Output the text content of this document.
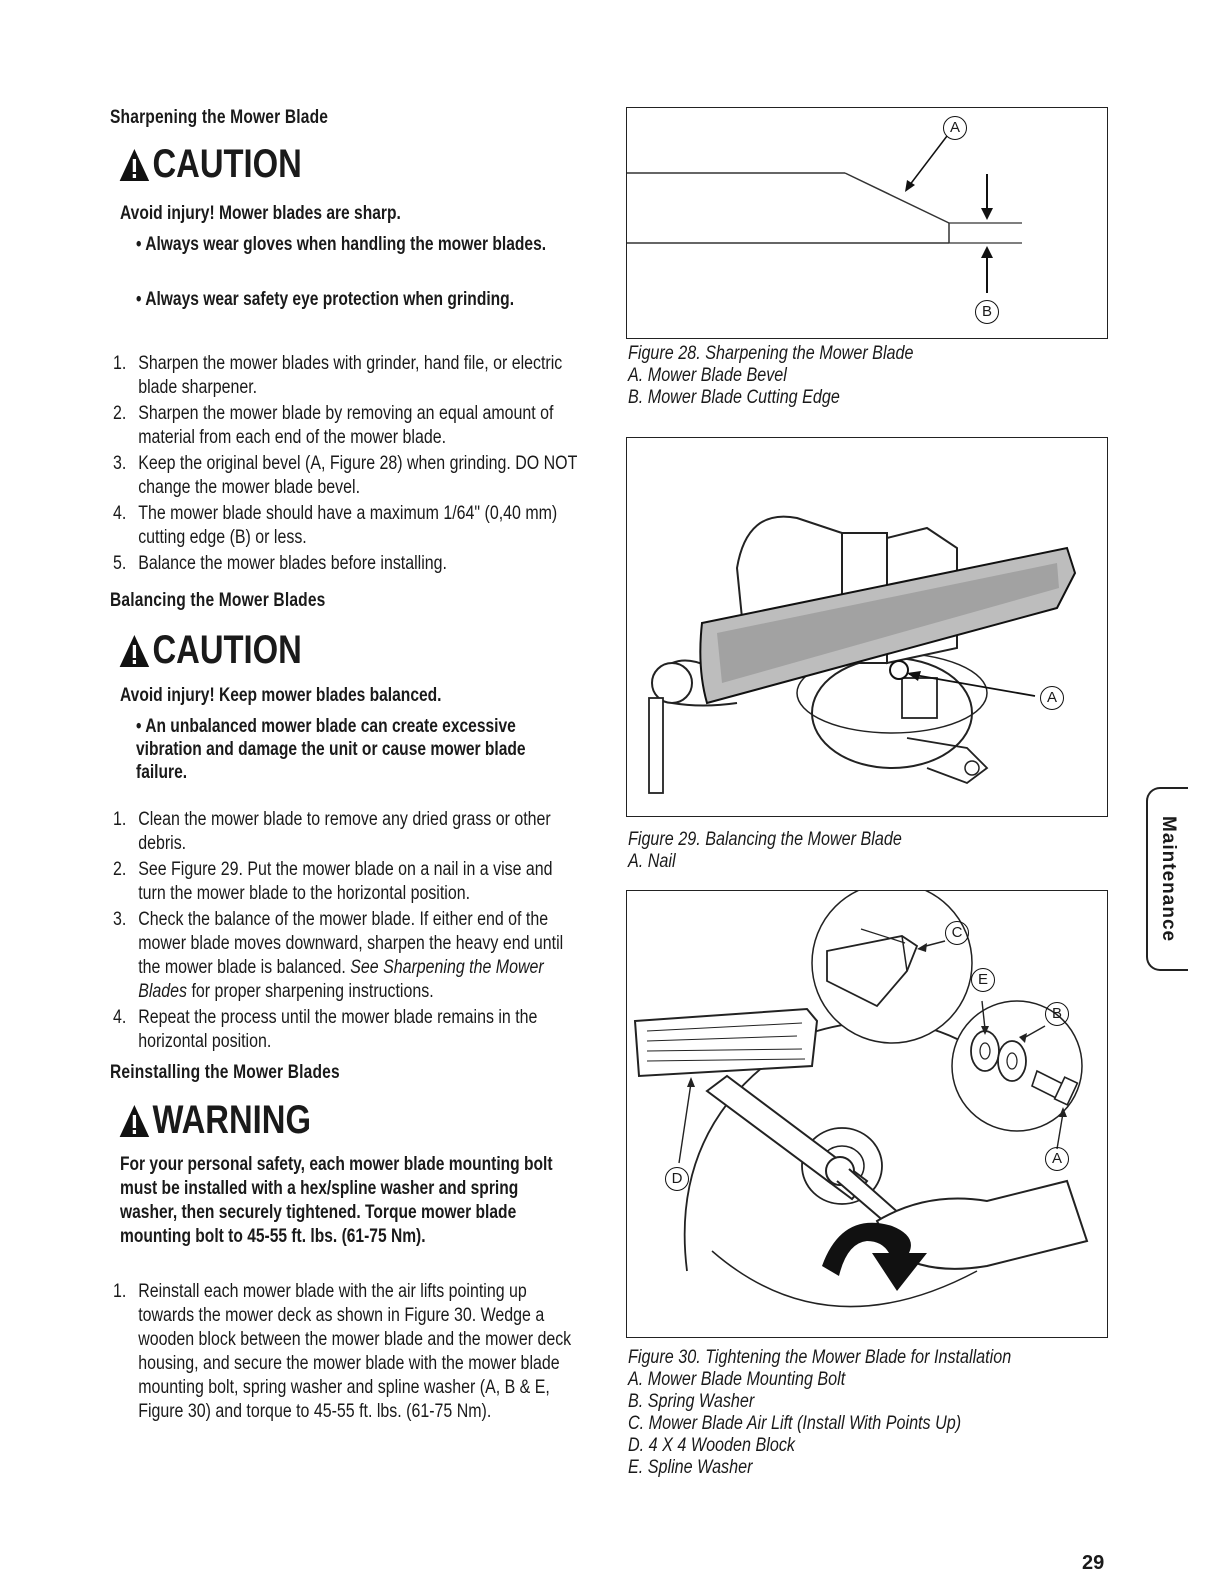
Sharpening the Mower Blade
CAUTION
Avoid injury! Mower blades are sharp.
• Always wear gloves when handling the mower blades.
• Always wear safety eye protection when grinding.
1. Sharpen the mower blades with grinder, hand file, or electric blade sharpener.
2. Sharpen the mower blade by removing an equal amount of material from each end of the mower blade.
3. Keep the original bevel (A, Figure 28) when grinding. DO NOT change the mower blade bevel.
4. The mower blade should have a maximum 1/64" (0,40 mm) cutting edge (B) or less.
5. Balance the mower blades before installing.
Balancing the Mower Blades
CAUTION
Avoid injury! Keep mower blades balanced.
• An unbalanced mower blade can create excessive vibration and damage the unit or cause mower blade failure.
1. Clean the mower blade to remove any dried grass or other debris.
2. See Figure 29. Put the mower blade on a nail in a vise and turn the mower blade to the horizontal position.
3. Check the balance of the mower blade. If either end of the mower blade moves downward, sharpen the heavy end until the mower blade is balanced. See Sharpening the Mower Blades for proper sharpening instructions.
4. Repeat the process until the mower blade remains in the horizontal position.
Reinstalling the Mower Blades
WARNING
For your personal safety, each mower blade mounting bolt must be installed with a hex/spline washer and spring washer, then securely tightened. Torque mower blade mounting bolt to 45-55 ft. lbs. (61-75 Nm).
1. Reinstall each mower blade with the air lifts pointing up towards the mower deck as shown in Figure 30. Wedge a wooden block between the mower blade and the mower deck housing, and secure the mower blade with the mower blade mounting bolt, spring washer and spline washer (A, B & E, Figure 30) and torque to 45-55 ft. lbs. (61-75 Nm).
A
B
Figure 28. Sharpening the Mower Blade
A. Mower Blade Bevel
B. Mower Blade Cutting Edge
A
Figure 29. Balancing the Mower Blade
A. Nail
C
E
B
A
D
Figure 30. Tightening the Mower Blade for Installation
A. Mower Blade Mounting Bolt
B. Spring Washer
C. Mower Blade Air Lift (Install With Points Up)
D. 4 X 4 Wooden Block
E. Spline Washer
Maintenance
29
